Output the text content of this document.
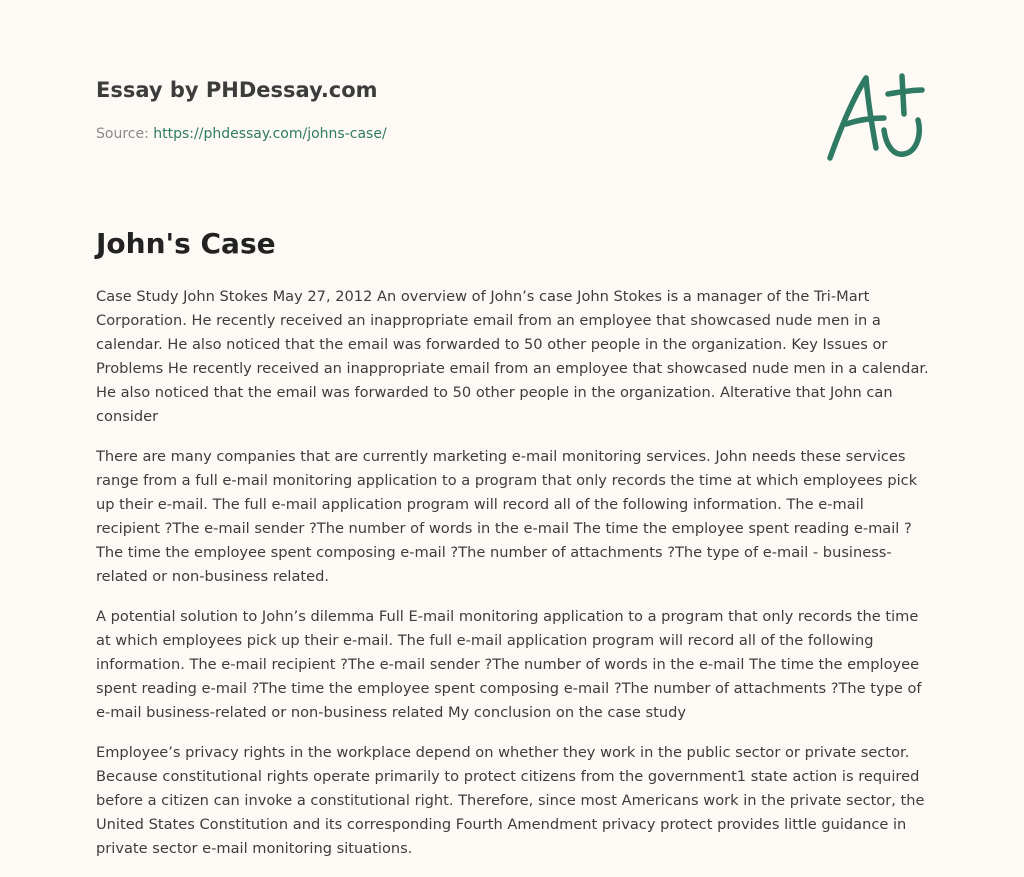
Essay by PHDessay.com
Source: https://phdessay.com/johns-case/
John's Case

Case Study John Stokes May 27, 2012 An overview of John’s case John Stokes is a manager of the Tri-Mart Corporation. He recently received an inappropriate email from an employee that showcased nude men in a calendar. He also noticed that the email was forwarded to 50 other people in the organization. Key Issues or Problems He recently received an inappropriate email from an employee that showcased nude men in a calendar. He also noticed that the email was forwarded to 50 other people in the organization. Alterative that John can consider

There are many companies that are currently marketing e-mail monitoring services. John needs these services range from a full e-mail monitoring application to a program that only records the time at which employees pick up their e-mail. The full e-mail application program will record all of the following information. The e-mail recipient ?The e-mail sender ?The number of words in the e-mail The time the employee spent reading e-mail ?The time the employee spent composing e-mail ?The number of attachments ?The type of e-mail - business-related or non-business related.

A potential solution to John’s dilemma Full E-mail monitoring application to a program that only records the time at which employees pick up their e-mail. The full e-mail application program will record all of the following information. The e-mail recipient ?The e-mail sender ?The number of words in the e-mail The time the employee spent reading e-mail ?The time the employee spent composing e-mail ?The number of attachments ?The type of e-mail business-related or non-business related My conclusion on the case study

Employee’s privacy rights in the workplace depend on whether they work in the public sector or private sector. Because constitutional rights operate primarily to protect citizens from the government1 state action is required before a citizen can invoke a constitutional right. Therefore, since most Americans work in the private sector, the United States Constitution and its corresponding Fourth Amendment privacy protect provides little guidance in private sector e-mail monitoring situations.
